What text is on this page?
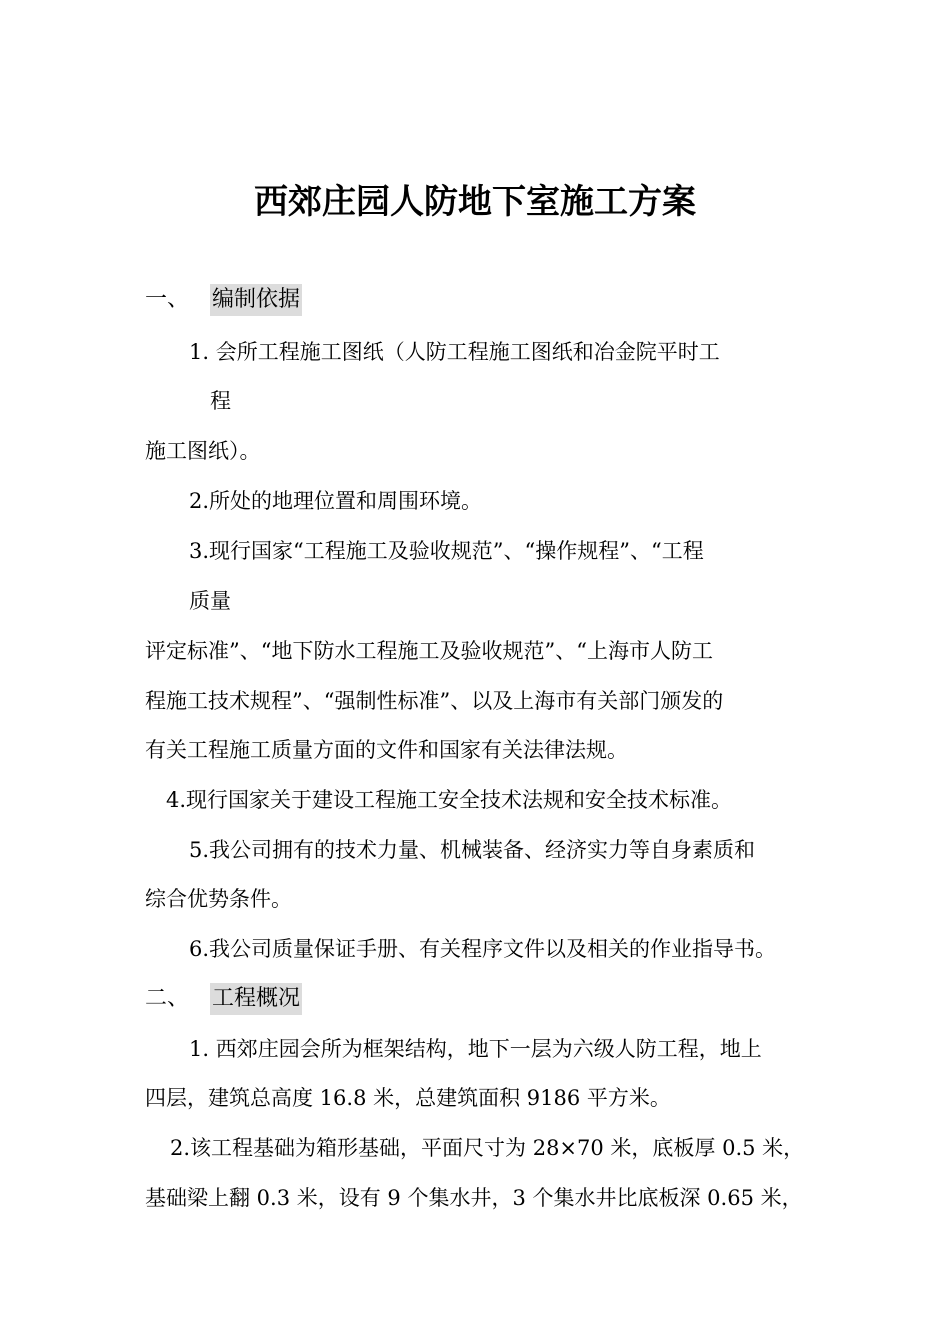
西郊庄园人防地下室施工方案
一、 编制依据

1. 会所工程施工图纸（人防工程施工图纸和冶金院平时工

程

施工图纸）。

2.所处的地理位置和周围环境。

3.现行国家“工程施工及验收规范”、“操作规程”、“工程

质量

评定标准”、“地下防水工程施工及验收规范”、“上海市人防工

程施工技术规程”、“强制性标准”、以及上海市有关部门颁发的

有关工程施工质量方面的文件和国家有关法律法规。

4.现行国家关于建设工程施工安全技术法规和安全技术标准。

5.我公司拥有的技术力量、机械装备、经济实力等自身素质和

综合优势条件。

6.我公司质量保证手册、有关程序文件以及相关的作业指导书。

二、 工程概况

1. 西郊庄园会所为框架结构，地下一层为六级人防工程，地上

四层，建筑总高度 16.8 米，总建筑面积 9186 平方米。

2.该工程基础为箱形基础，平面尺寸为 28×70 米，底板厚 0.5 米，

基础梁上翻 0.3 米，设有 9 个集水井，3 个集水井比底板深 0.65 米，
